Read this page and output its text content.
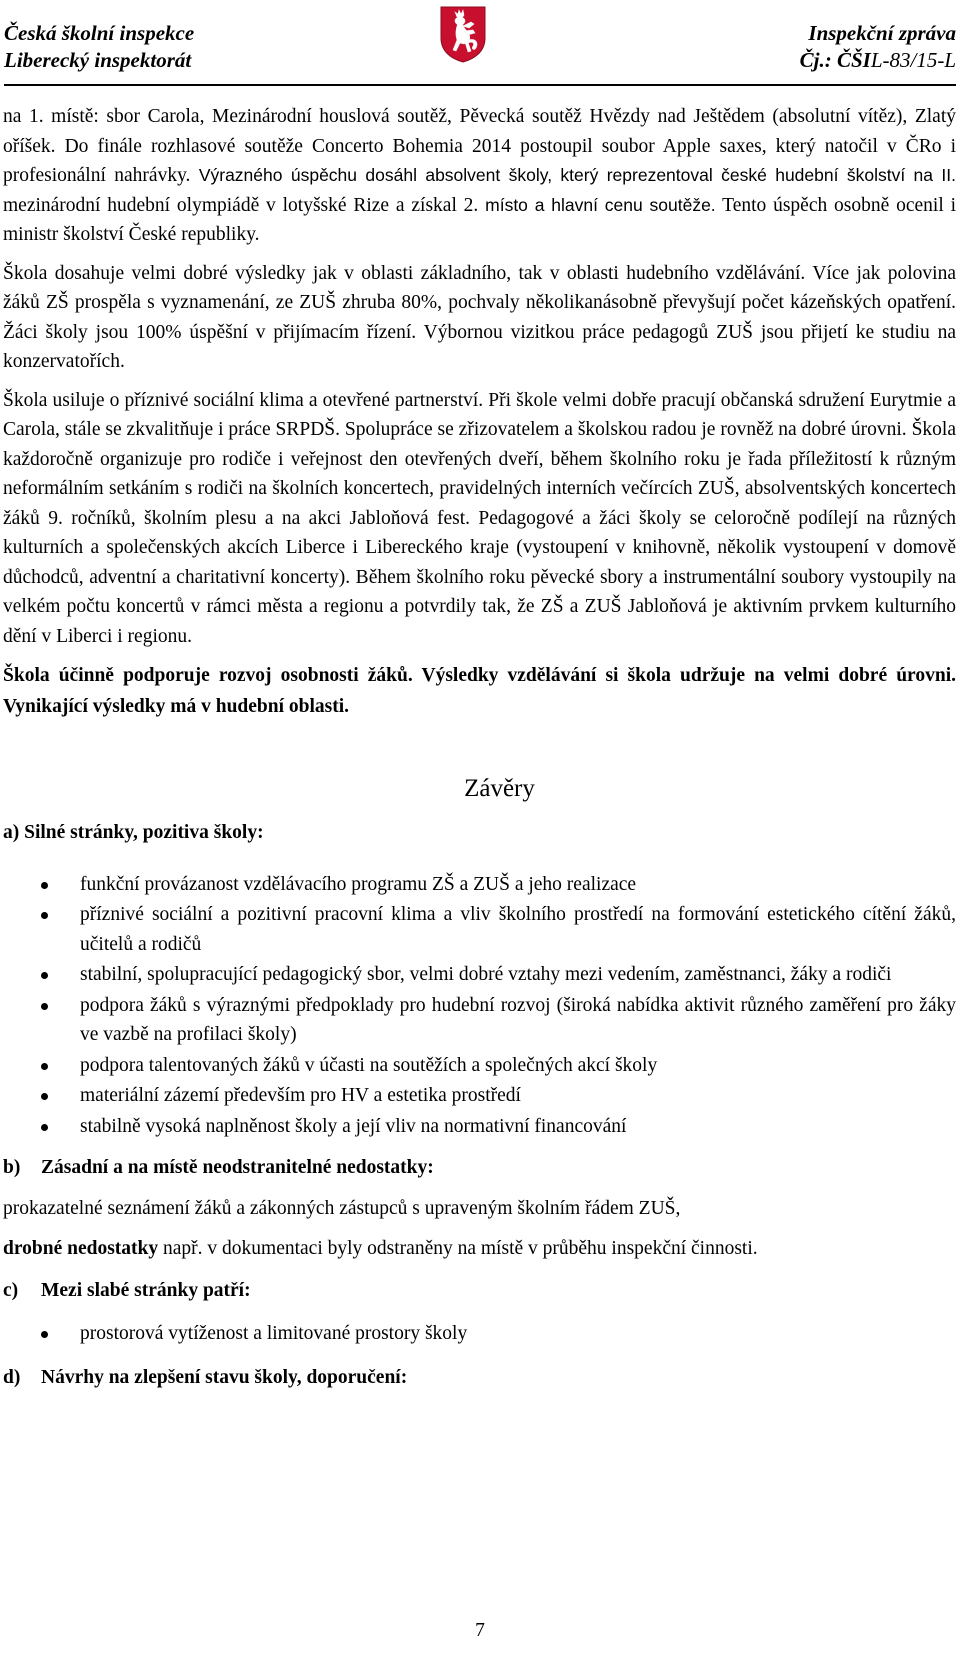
Česká školní inspekce
Liberecký inspektorát
Inspekční zpráva
Čj.: ČŠIL-83/15-L

na 1. místě: sbor Carola, Mezinárodní houslová soutěž, Pěvecká soutěž Hvězdy nad Ještědem (absolutní vítěz), Zlatý oříšek. Do finále rozhlasové soutěže Concerto Bohemia 2014 postoupil soubor Apple saxes, který natočil v ČRo i profesionální nahrávky. Výrazného úspěchu dosáhl absolvent školy, který reprezentoval české hudební školství na II. mezinárodní hudební olympiádě v lotyšské Rize a získal 2. místo a hlavní cenu soutěže. Tento úspěch osobně ocenil i ministr školství České republiky.

Škola dosahuje velmi dobré výsledky jak v oblasti základního, tak v oblasti hudebního vzdělávání. Více jak polovina žáků ZŠ prospěla s vyznamenání, ze ZUŠ zhruba 80%, pochvaly několikanásobně převyšují počet kázeňských opatření. Žáci školy jsou 100% úspěšní v přijímacím řízení. Výbornou vizitkou práce pedagogů ZUŠ jsou přijetí ke studiu na konzervatořích.

Škola usiluje o příznivé sociální klima a otevřené partnerství. Při škole velmi dobře pracují občanská sdružení Eurytmie a Carola, stále se zkvalitňuje i práce SRPDŠ. Spolupráce se zřizovatelem a školskou radou je rovněž na dobré úrovni. Škola každoročně organizuje pro rodiče i veřejnost den otevřených dveří, během školního roku je řada příležitostí k různým neformálním setkáním s rodiči na školních koncertech, pravidelných interních večírcích ZUŠ, absolventských koncertech žáků 9. ročníků, školním plesu a na akci Jabloňová fest. Pedagogové a žáci školy se celoročně podílejí na různých kulturních a společenských akcích Liberce i Libereckého kraje (vystoupení v knihovně, několik vystoupení v domově důchodců, adventní a charitativní koncerty). Během školního roku pěvecké sbory a instrumentální soubory vystoupily na velkém počtu koncertů v rámci města a regionu a potvrdily tak, že ZŠ a ZUŠ Jabloňová je aktivním prvkem kulturního dění v Liberci i regionu.

Škola účinně podporuje rozvoj osobnosti žáků. Výsledky vzdělávání si škola udržuje na velmi dobré úrovni. Vynikající výsledky má v hudební oblasti.

Závěry
a) Silné stránky, pozitiva školy:
funkční provázanost vzdělávacího programu ZŠ a ZUŠ a jeho realizace
příznivé sociální a pozitivní pracovní klima a vliv školního prostředí na formování estetického cítění žáků, učitelů a rodičů
stabilní, spolupracující pedagogický sbor, velmi dobré vztahy mezi vedením, zaměstnanci, žáky a rodiči
podpora žáků s výraznými předpoklady pro hudební rozvoj (široká nabídka aktivit různého zaměření pro žáky ve vazbě na profilaci školy)
podpora talentovaných žáků v účasti na soutěžích a společných akcí školy
materiální zázemí především pro HV a estetika prostředí
stabilně vysoká naplněnost školy a její vliv na normativní financování
b) Zásadní a na místě neodstranitelné nedostatky:

prokazatelné seznámení žáků a zákonných zástupců s upraveným školním řádem ZUŠ,

drobné nedostatky např. v dokumentaci byly odstraněny na místě v průběhu inspekční činnosti.

c) Mezi slabé stránky patří:
prostorová vytíženost a limitované prostory školy
d) Návrhy na zlepšení stavu školy, doporučení:
7
